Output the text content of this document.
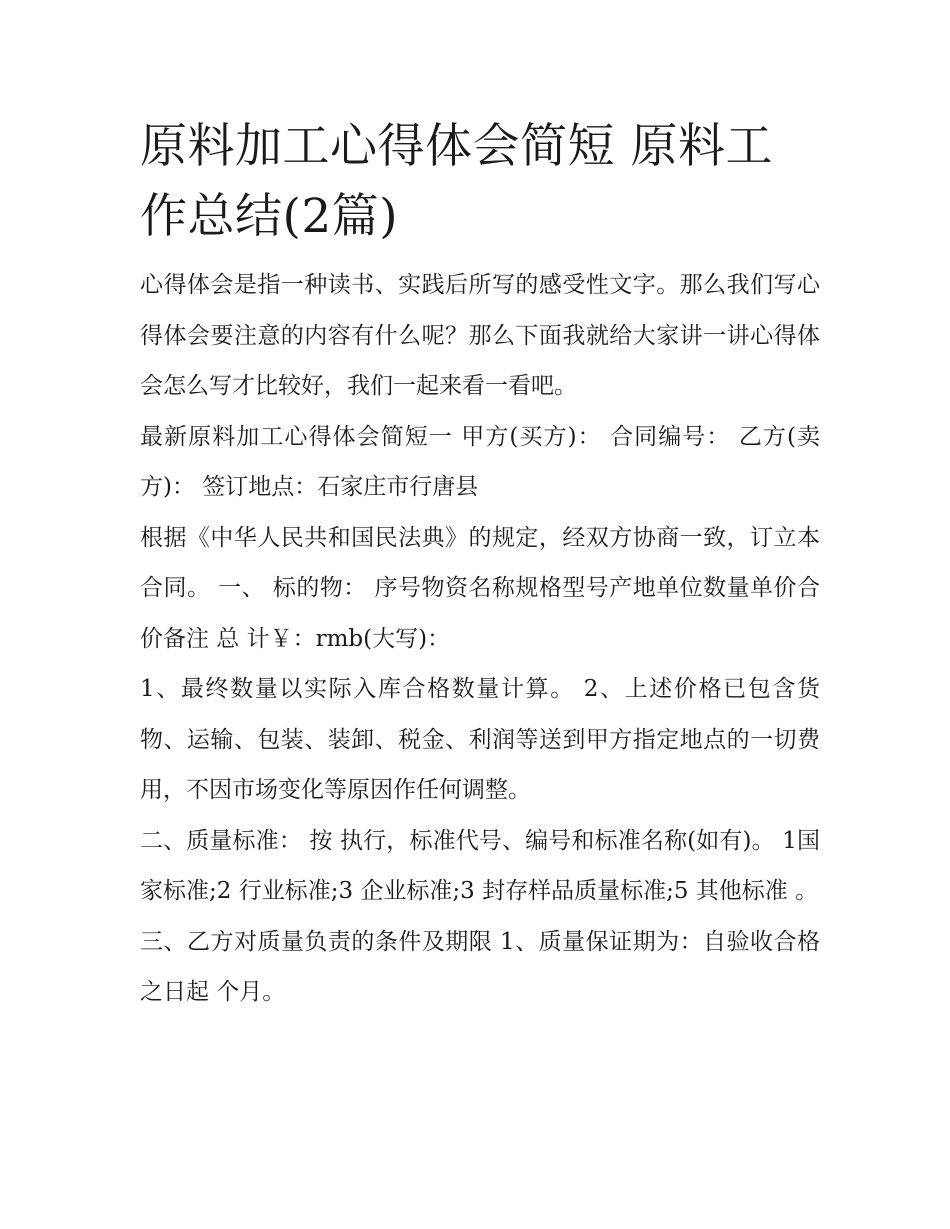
原料加工心得体会简短 原料工作总结(2篇)

心得体会是指一种读书、实践后所写的感受性文字。那么我们写心得体会要注意的内容有什么呢？那么下面我就给大家讲一讲心得体会怎么写才比较好，我们一起来看一看吧。

最新原料加工心得体会简短一 甲方(买方)： 合同编号： 乙方(卖方)： 签订地点：石家庄市行唐县

根据《中华人民共和国民法典》的规定，经双方协商一致，订立本合同。 一、 标的物： 序号物资名称规格型号产地单位数量单价合价备注 总 计￥：rmb(大写)：

1、最终数量以实际入库合格数量计算。 2、上述价格已包含货物、运输、包装、装卸、税金、利润等送到甲方指定地点的一切费用，不因市场变化等原因作任何调整。

二、质量标准： 按 执行，标准代号、编号和标准名称(如有)。 1国家标准;2 行业标准;3 企业标准;3 封存样品质量标准;5 其他标准 。

三、乙方对质量负责的条件及期限 1、质量保证期为：自验收合格之日起 个月。
